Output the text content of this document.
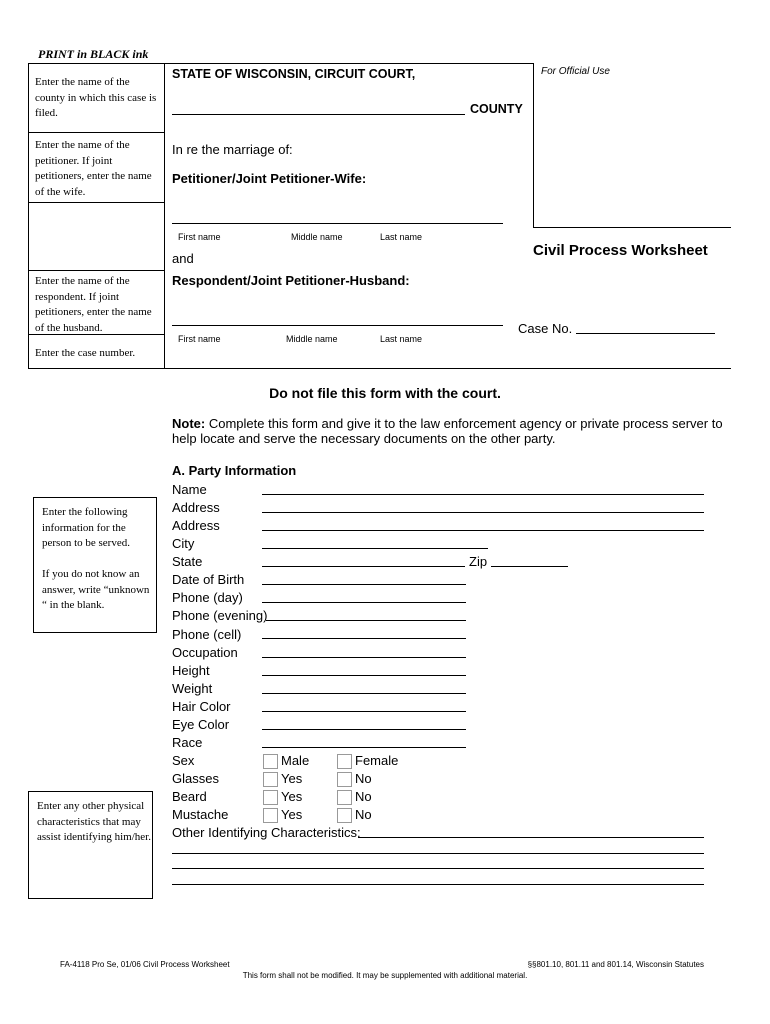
PRINT in BLACK ink
Enter the name of the county in which this case is filed.
Enter the name of the petitioner. If joint petitioners, enter the name of the wife.
Enter the name of the respondent. If joint petitioners, enter the name of the husband.
Enter the case number.
STATE OF WISCONSIN, CIRCUIT COURT,
COUNTY
For Official Use
In re the marriage of:
Petitioner/Joint Petitioner-Wife:
First name	Middle name	Last name
and
Respondent/Joint Petitioner-Husband:
First name	Middle name	Last name
Civil Process Worksheet
Case No.
Do not file this form with the court.
Note: Complete this form and give it to the law enforcement agency or private process server to
help locate and serve the necessary documents on the other party.
A. Party Information
Enter the following information for the person to be served.
If you do not know an answer, write “unknown “ in the blank.
Enter any other physical characteristics that may assist identifying him/her.
Name
Address
Address
City
State
Date of Birth
Phone (day)
Phone (evening)
Phone (cell)
Occupation
Height
Weight
Hair Color
Eye Color
Race
Zip
Sex	Male	Female
Glasses	Yes	No
Beard	Yes	No
Mustache	Yes	No
Other Identifying Characteristics:
FA-4118 Pro Se, 01/06 Civil Process Worksheet	§§801.10, 801.11 and 801.14, Wisconsin Statutes
This form shall not be modified. It may be supplemented with additional material.
